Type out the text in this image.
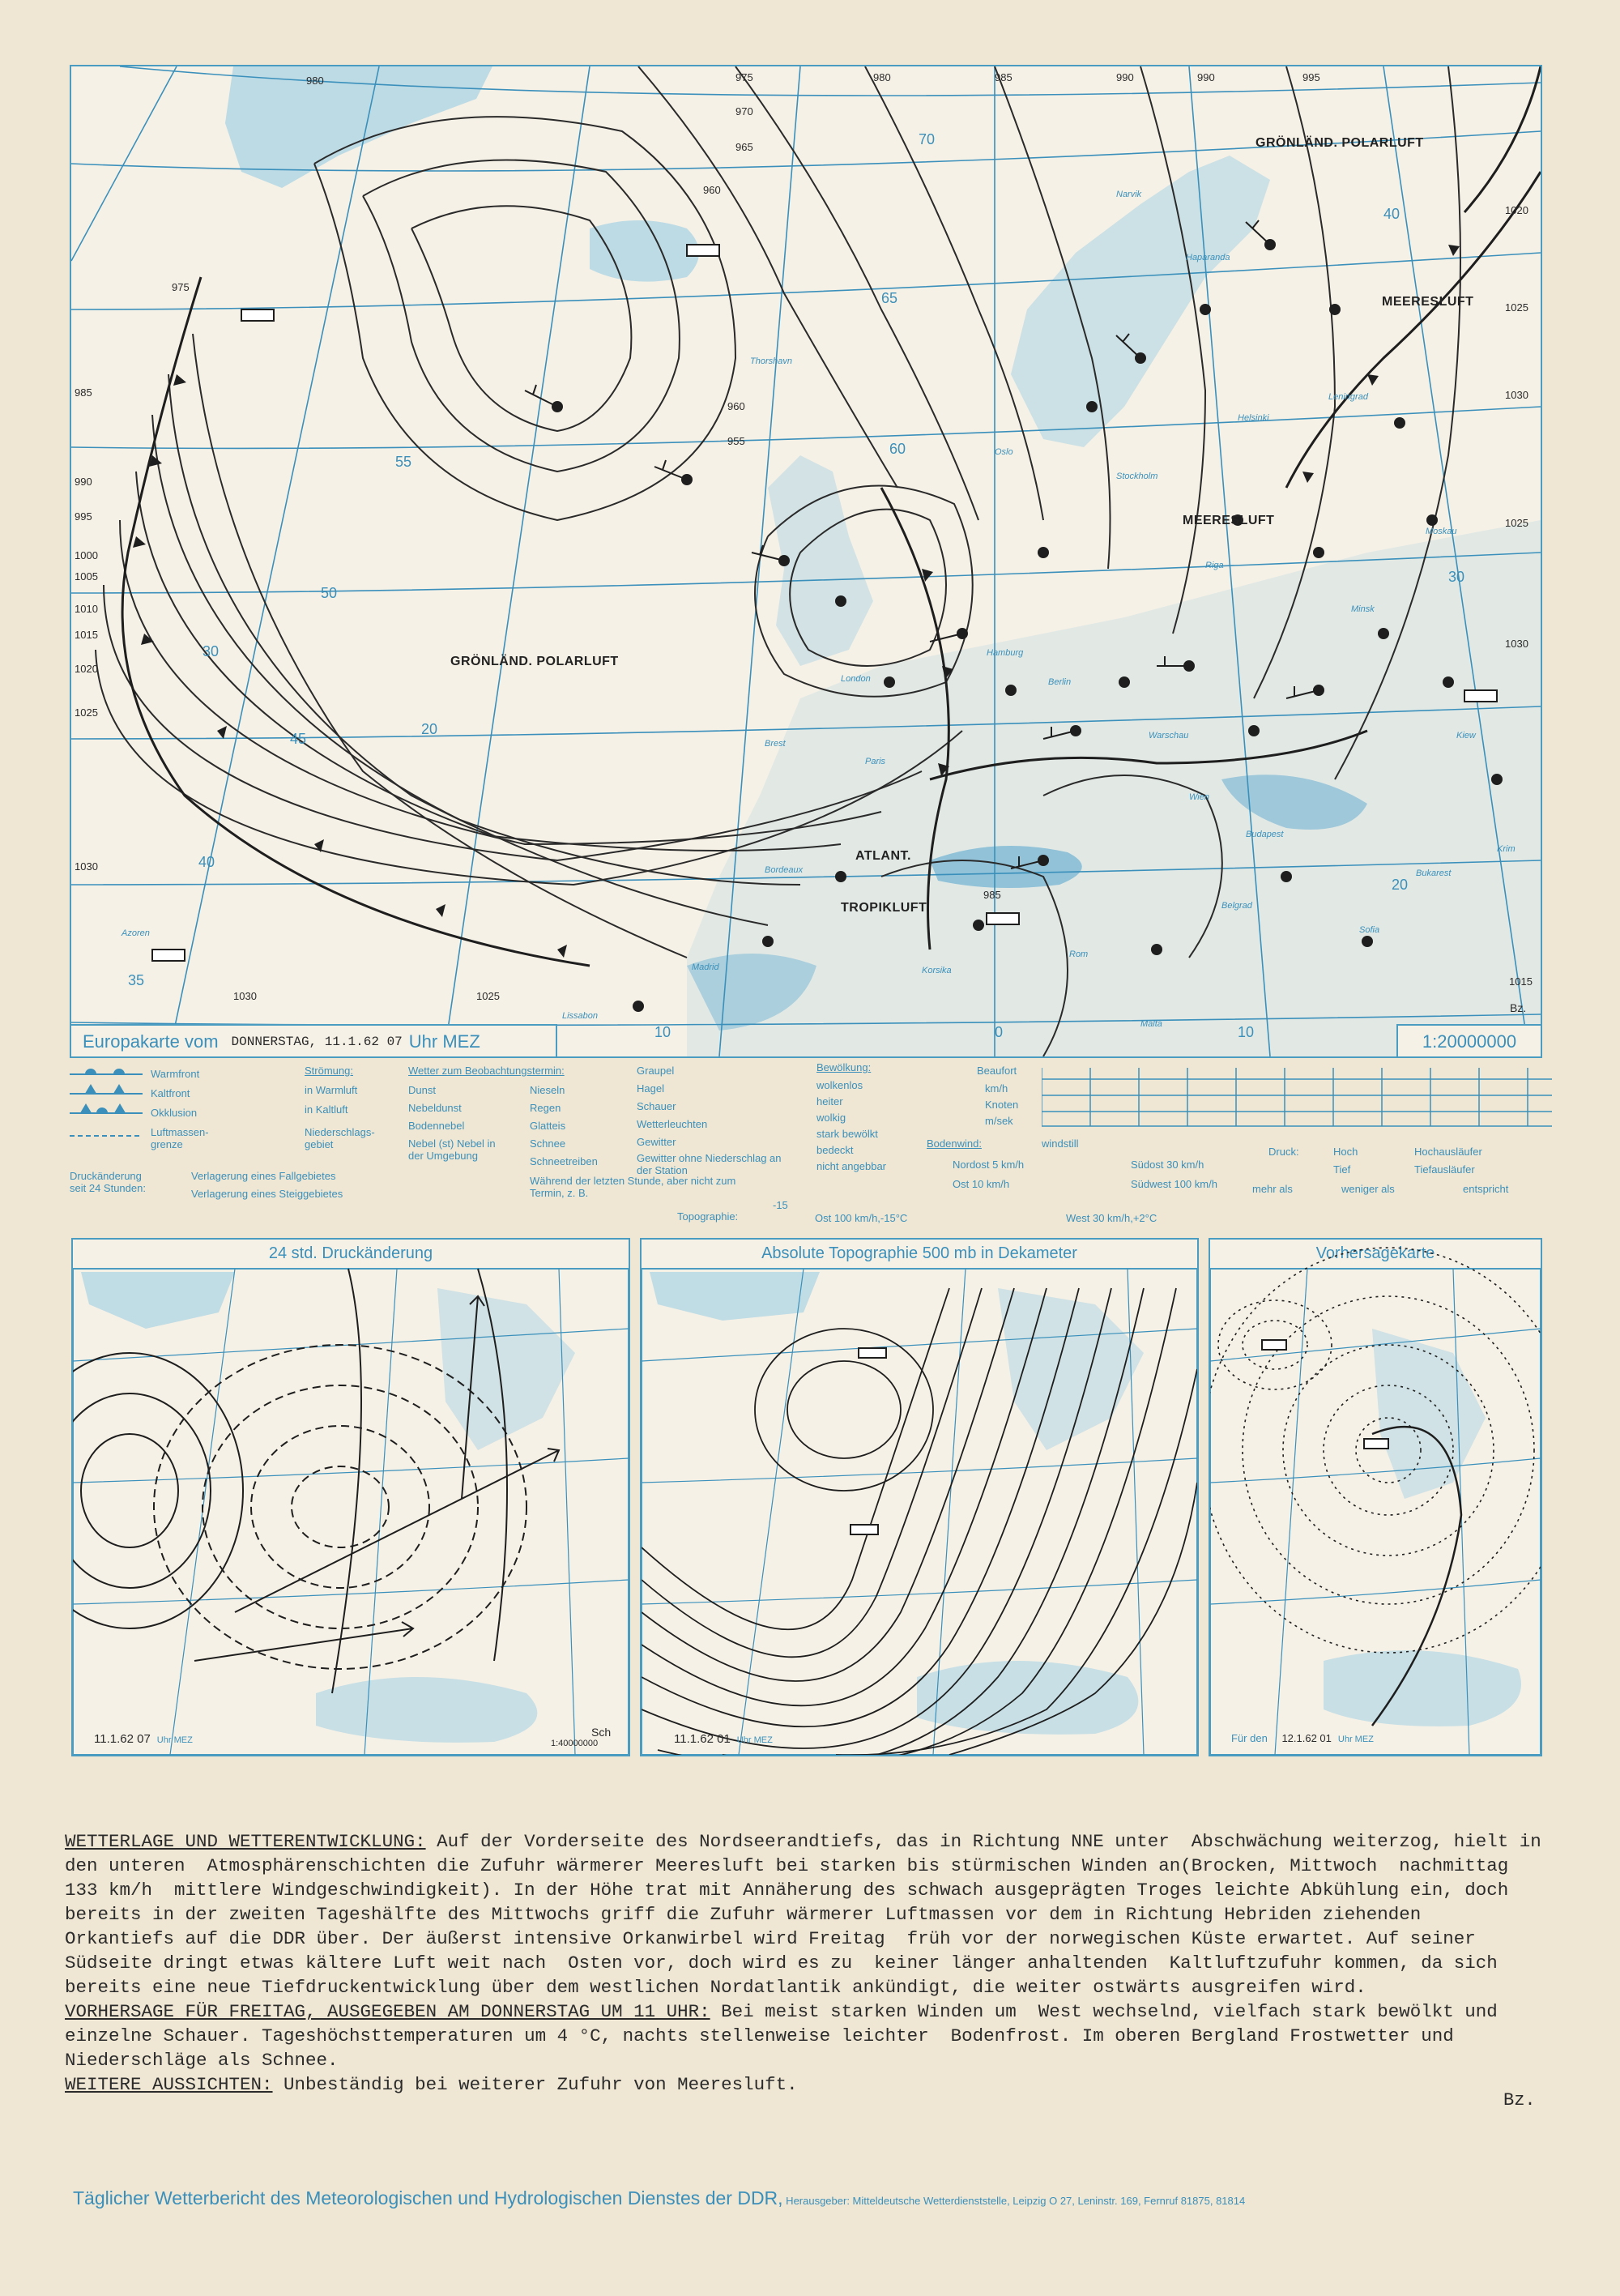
980	975	980	985	990	990	995
970
965
960
960
955
975
985
990
995
1000
1005
1010
1015
1020
1025
1030
1030	1025
1020
1025
1030
1025
1030
1015
985
70
65
60
55
50
45
40
35
30
20
10	0	10
20
30
40
GRÖNLÄND. POLARLUFT
MEERESLUFT
MEERESLUFT
GRÖNLÄND. POLARLUFT
ATLANT.
TROPIKLUFT
Thorshavn
Narvik
Haparanda
Oslo
Stockholm
Helsinki
Leningrad
Riga
Minsk
Moskau
Warschau
Berlin
Hamburg
London
Paris
Brest
Wien
Budapest
Bukarest
Belgrad
Rom
Madrid
Lissabon
Bordeaux
Kiew
Azoren
Malta
Korsika
Krim
Sofia
Bz.
Europakarte vom DONNERSTAG, 11.1.62 07 Uhr MEZ	1:20000000
Warmfront
Kaltfront
Okklusion
Luftmassen-grenze
Druckänderung seit 24 Stunden:
Verlagerung eines Fallgebietes
Verlagerung eines Steiggebietes
Strömung:
in Warmluft
in Kaltluft
Niederschlags-gebiet
Wetter zum Beobachtungstermin:
Dunst
Nebeldunst
Bodennebel
Nebel (st) Nebel in der Umgebung
Nieseln
Regen
Glatteis
Schnee
Schneetreiben
Graupel
Hagel
Schauer
Wetterleuchten
Gewitter
Gewitter ohne Niederschlag an der Station
Während der letzten Stunde, aber nicht zum Termin, z. B.
Bewölkung:
wolkenlos
heiter
wolkig
stark bewölkt
bedeckt
nicht angebbar
Beaufort
km/h
Knoten
m/sek
Bodenwind:	windstill
Nordost 5 km/h	Südost 30 km/h
Ost 10 km/h	Südwest 100 km/h
Druck:	Hoch
Tief
Hochausläufer
Tiefausläufer
mehr als	weniger als	entspricht
Topographie:
-15
Ost 100 km/h,-15°C	West 30 km/h,+2°C
24 std. Druckänderung
11.1.62 07 Uhr MEZ	1:40000000
Sch
Absolute Topographie 500 mb in Dekameter
11.1.62 01 Uhr MEZ
Vorhersagekarte
Für den 12.1.62 01 Uhr MEZ
WETTERLAGE UND WETTERENTWICKLUNG: Auf der Vorderseite des Nordseerandtiefs, das in Richtung NNE unter  Abschwächung weiterzog, hielt in den unteren  Atmosphärenschichten die Zufuhr wärmerer Meeresluft bei starken bis stürmischen Winden an(Brocken, Mittwoch  nachmittag 133 km/h  mittlere Windgeschwindigkeit). In der Höhe trat mit Annäherung des schwach ausgeprägten Troges leichte Abkühlung ein, doch bereits in der zweiten Tageshälfte des Mittwochs griff die Zufuhr wärmerer Luftmassen vor dem in Richtung Hebriden ziehenden  Orkantiefs auf die DDR über. Der äußerst intensive Orkanwirbel wird Freitag  früh vor der norwegischen Küste erwartet. Auf seiner  Südseite dringt etwas kältere Luft weit nach  Osten vor, doch wird es zu  keiner länger anhaltenden  Kaltluftzufuhr kommen, da sich bereits eine neue Tiefdruckentwicklung über dem westlichen Nordatlantik ankündigt, die weiter ostwärts ausgreifen wird.
VORHERSAGE FÜR FREITAG, AUSGEGEBEN AM DONNERSTAG UM 11 UHR: Bei meist starken Winden um  West wechselnd, vielfach stark bewölkt und einzelne Schauer. Tageshöchsttemperaturen um 4 °C, nachts stellenweise leichter  Bodenfrost. Im oberen Bergland Frostwetter und Niederschläge als Schnee.
WEITERE AUSSICHTEN: Unbeständig bei weiterer Zufuhr von Meeresluft.
Bz.
Täglicher Wetterbericht des Meteorologischen und Hydrologischen Dienstes der DDR, Herausgeber: Mitteldeutsche Wetterdienststelle, Leipzig O 27, Leninstr. 169, Fernruf 81875, 81814
